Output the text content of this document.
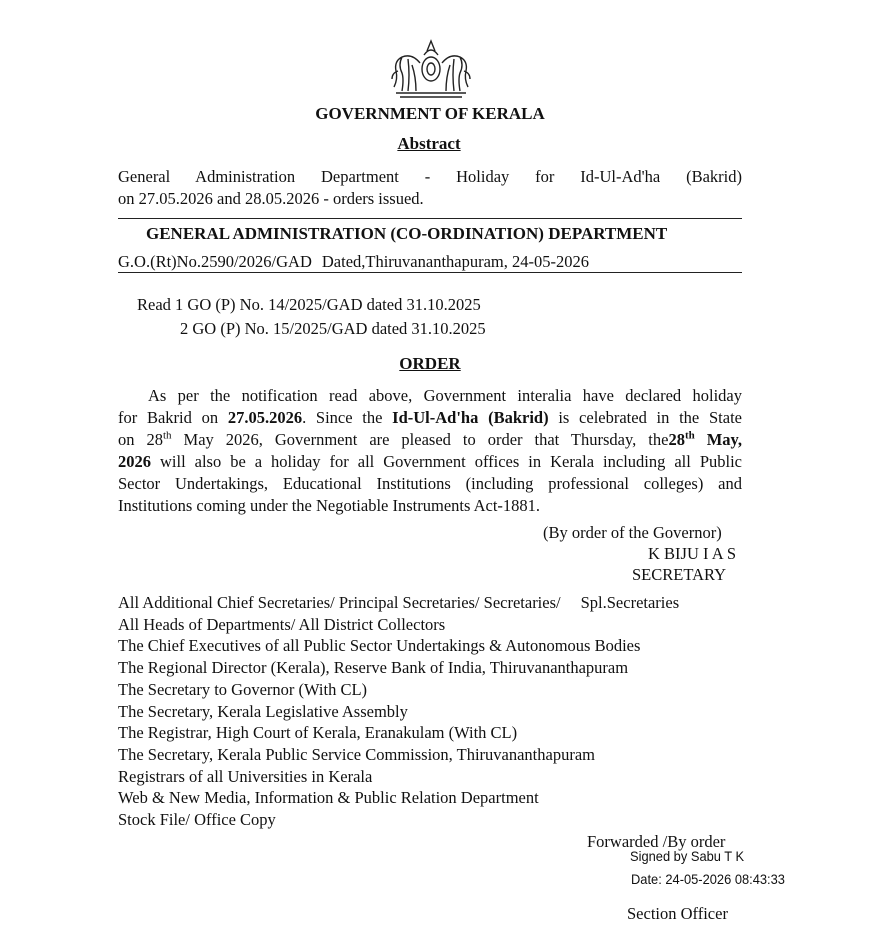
GOVERNMENT OF KERALA
Abstract
General Administration Department - Holiday for Id-Ul-Ad'ha (Bakrid)
on 27.05.2026 and 28.05.2026 - orders issued.
GENERAL ADMINISTRATION (CO-ORDINATION) DEPARTMENT
G.O.(Rt)No.2590/2026/GAD Dated,Thiruvananthapuram, 24-05-2026
Read 1 GO (P) No. 14/2025/GAD dated 31.10.2025
2 GO (P) No. 15/2025/GAD dated 31.10.2025
ORDER
As per the notification read above, Government interalia have declared holiday
for Bakrid on 27.05.2026. Since the Id-Ul-Ad'ha (Bakrid) is celebrated in the State
on 28th May 2026, Government are pleased to order that Thursday, the28th May,
2026 will also be a holiday for all Government offices in Kerala including all Public
Sector Undertakings, Educational Institutions (including professional colleges) and
Institutions coming under the Negotiable Instruments Act-1881.
(By order of the Governor)
K BIJU I A S
SECRETARY
All Additional Chief Secretaries/ Principal Secretaries/ Secretaries/ Spl.Secretaries
All Heads of Departments/ All District Collectors
The Chief Executives of all Public Sector Undertakings & Autonomous Bodies
The Regional Director (Kerala), Reserve Bank of India, Thiruvananthapuram
The Secretary to Governor (With CL)
The Secretary, Kerala Legislative Assembly
The Registrar, High Court of Kerala, Eranakulam (With CL)
The Secretary, Kerala Public Service Commission, Thiruvananthapuram
Registrars of all Universities in Kerala
Web & New Media, Information & Public Relation Department
Stock File/ Office Copy
Forwarded /By order
Signed by Sabu T K
Date: 24-05-2026 08:43:33
Section Officer
